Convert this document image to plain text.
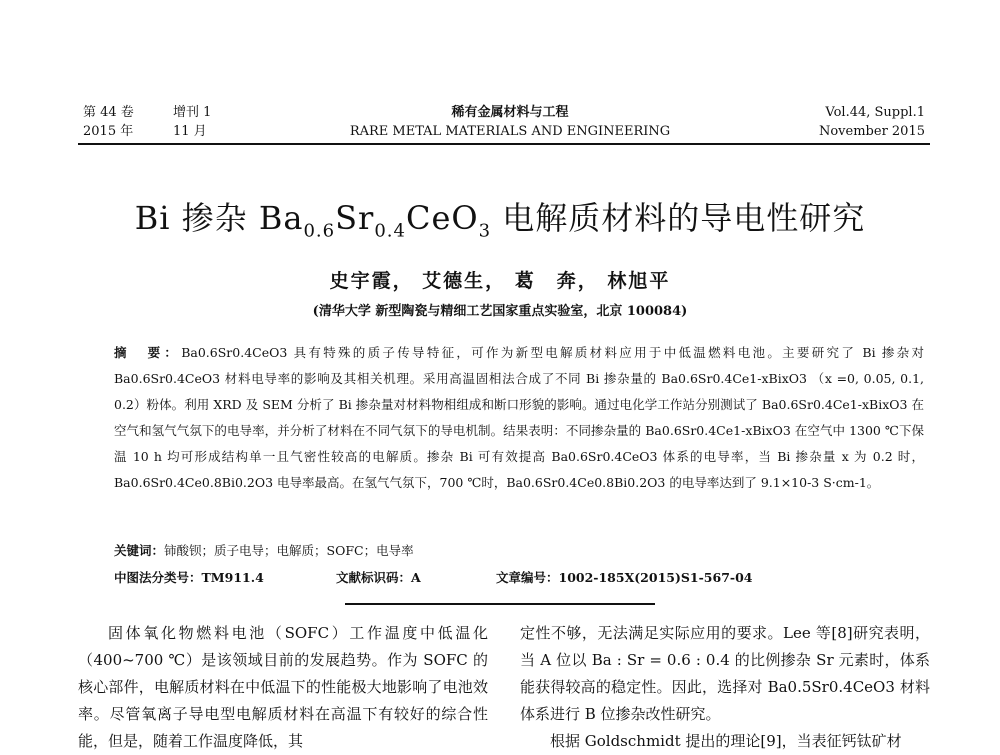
第 44 卷	增刊 1
2015 年	11 月
稀有金属材料与工程
RARE METAL MATERIALS AND ENGINEERING
Vol.44, Suppl.1
November 2015
Bi 掺杂 $Ba_{0.6}Sr_{0.4}CeO_3$ 电解质材料的导电性研究
史宇霞， 艾德生， 葛　奔， 林旭平
(清华大学 新型陶瓷与精细工艺国家重点实验室，北京 100084)

摘　要：Ba0.6Sr0.4CeO3 具有特殊的质子传导特征，可作为新型电解质材料应用于中低温燃料电池。主要研究了 Bi 掺杂对 Ba0.6Sr0.4CeO3 材料电导率的影响及其相关机理。采用高温固相法合成了不同 Bi 掺杂量的 Ba0.6Sr0.4Ce1-xBixO3 （x =0, 0.05, 0.1, 0.2）粉体。利用 XRD 及 SEM 分析了 Bi 掺杂量对材料物相组成和断口形貌的影响。通过电化学工作站分别测试了 Ba0.6Sr0.4Ce1-xBixO3 在空气和氢气气氛下的电导率，并分析了材料在不同气氛下的导电机制。结果表明：不同掺杂量的 Ba0.6Sr0.4Ce1-xBixO3 在空气中 1300 ℃下保温 10 h 均可形成结构单一且气密性较高的电解质。掺杂 Bi 可有效提高 Ba0.6Sr0.4CeO3 体系的电导率，当 Bi 掺杂量 x 为 0.2 时，Ba0.6Sr0.4Ce0.8Bi0.2O3 电导率最高。在氢气气氛下，700 ℃时，Ba0.6Sr0.4Ce0.8Bi0.2O3 的电导率达到了 9.1×10-3 S·cm-1。

关键词：铈酸钡；质子电导；电解质；SOFC；电导率
中图法分类号：TM911.4	文献标识码：A	文章编号：1002-185X(2015)S1-567-04

固体氧化物燃料电池（SOFC）工作温度中低温化（400~700 ℃）是该领域目前的发展趋势。作为 SOFC 的核心部件，电解质材料在中低温下的性能极大地影响了电池效率。尽管氧离子导电型电解质材料在高温下有较好的综合性能，但是，随着工作温度降低，其

定性不够，无法满足实际应用的要求。Lee 等[8]研究表明，当 A 位以 Ba : Sr = 0.6 : 0.4 的比例掺杂 Sr 元素时，体系能获得较高的稳定性。因此，选择对 Ba0.5Sr0.4CeO3 材料体系进行 B 位掺杂改性研究。

根据 Goldschmidt 提出的理论[9]，当表征钙钛矿材
